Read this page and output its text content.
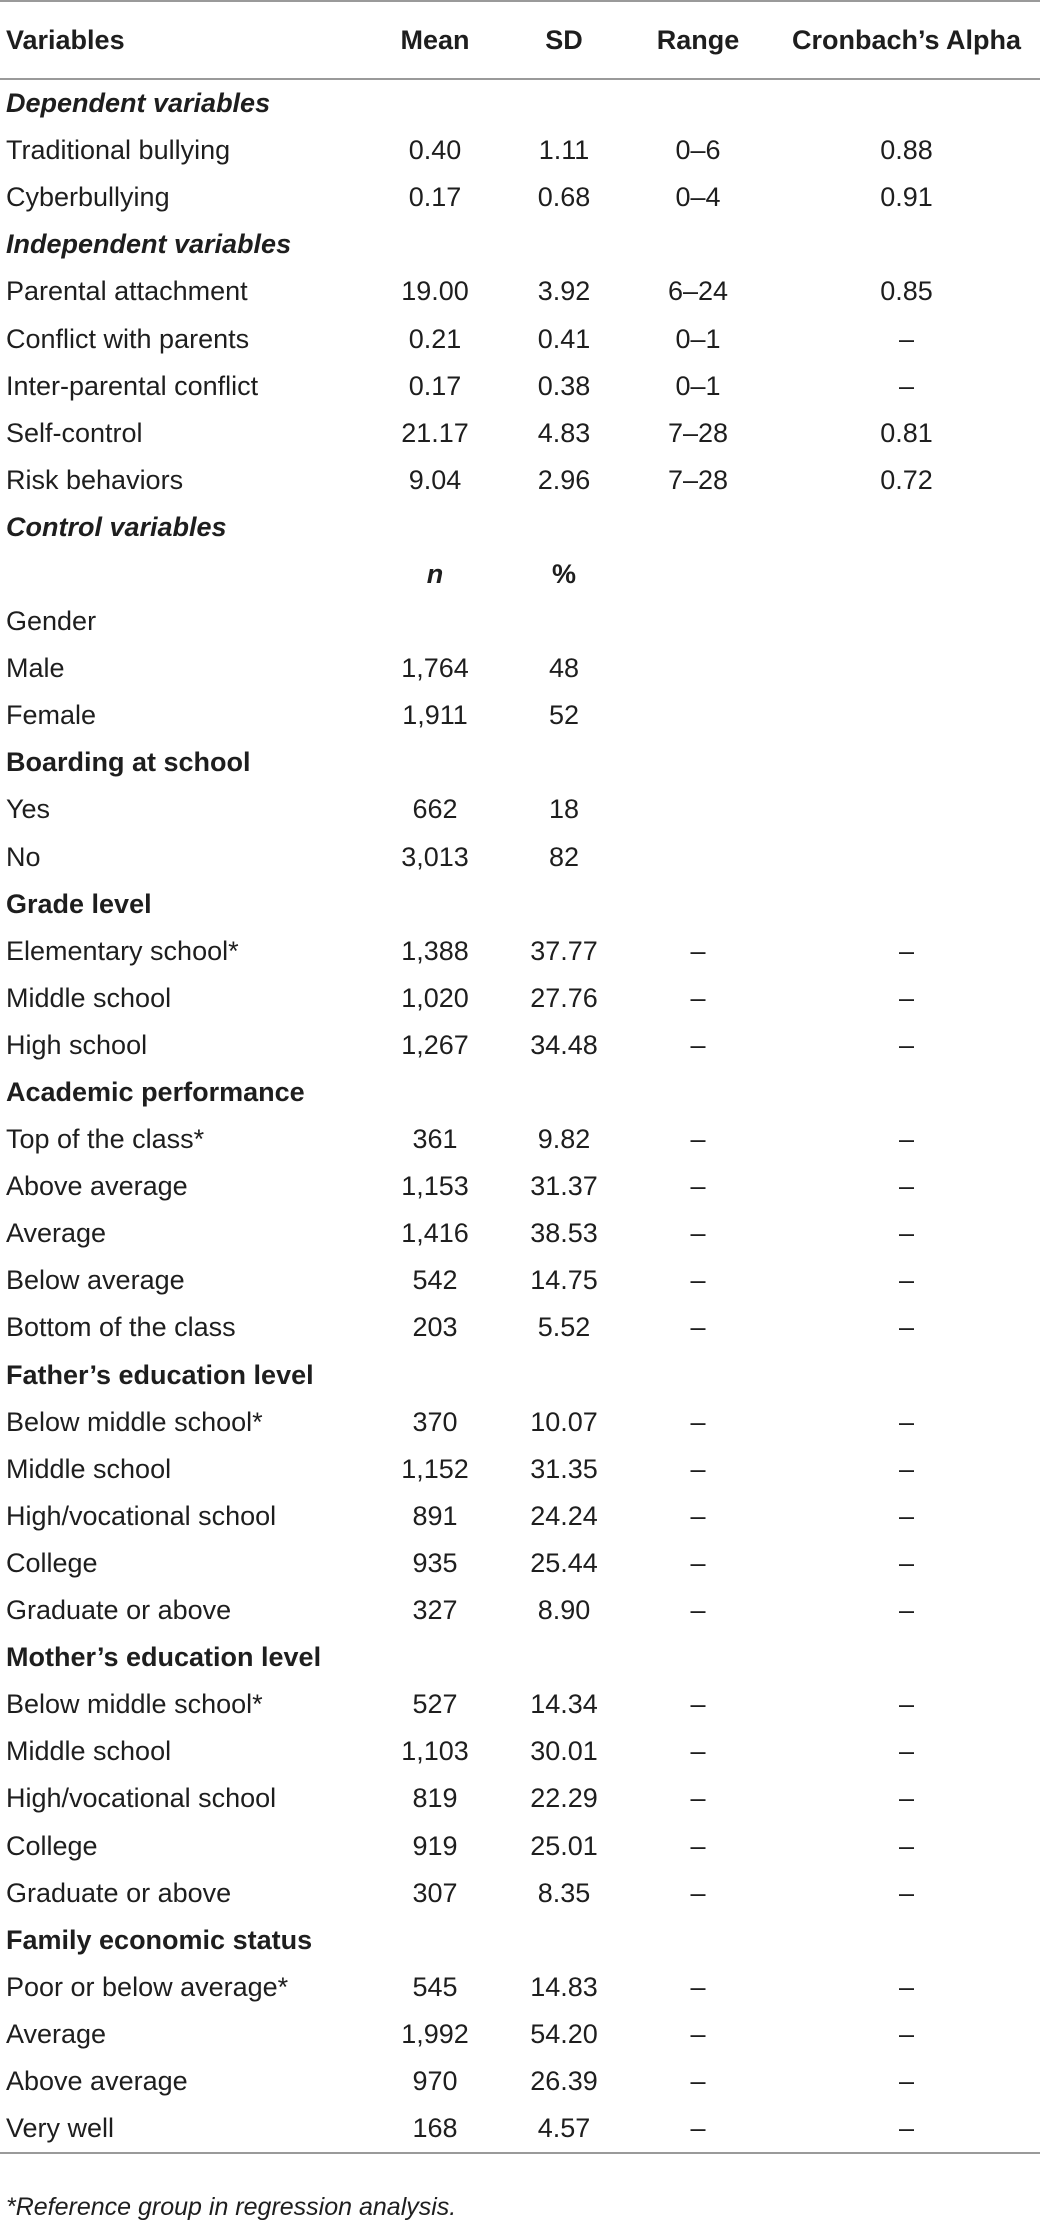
Variables	Mean	SD	Range	Cronbach’s Alpha
Dependent variables				
Traditional bullying	0.40	1.11	0–6	0.88
Cyberbullying	0.17	0.68	0–4	0.91
Independent variables				
Parental attachment	19.00	3.92	6–24	0.85
Conflict with parents	0.21	0.41	0–1	–
Inter-parental conflict	0.17	0.38	0–1	–
Self-control	21.17	4.83	7–28	0.81
Risk behaviors	9.04	2.96	7–28	0.72
Control variables				
	n	%		
Gender				
Male	1,764	48		
Female	1,911	52		
Boarding at school				
Yes	662	18		
No	3,013	82		
Grade level				
Elementary school*	1,388	37.77	–	–
Middle school	1,020	27.76	–	–
High school	1,267	34.48	–	–
Academic performance				
Top of the class*	361	9.82	–	–
Above average	1,153	31.37	–	–
Average	1,416	38.53	–	–
Below average	542	14.75	–	–
Bottom of the class	203	5.52	–	–
Father’s education level				
Below middle school*	370	10.07	–	–
Middle school	1,152	31.35	–	–
High/vocational school	891	24.24	–	–
College	935	25.44	–	–
Graduate or above	327	8.90	–	–
Mother’s education level				
Below middle school*	527	14.34	–	–
Middle school	1,103	30.01	–	–
High/vocational school	819	22.29	–	–
College	919	25.01	–	–
Graduate or above	307	8.35	–	–
Family economic status				
Poor or below average*	545	14.83	–	–
Average	1,992	54.20	–	–
Above average	970	26.39	–	–
Very well	168	4.57	–	–
*Reference group in regression analysis.
